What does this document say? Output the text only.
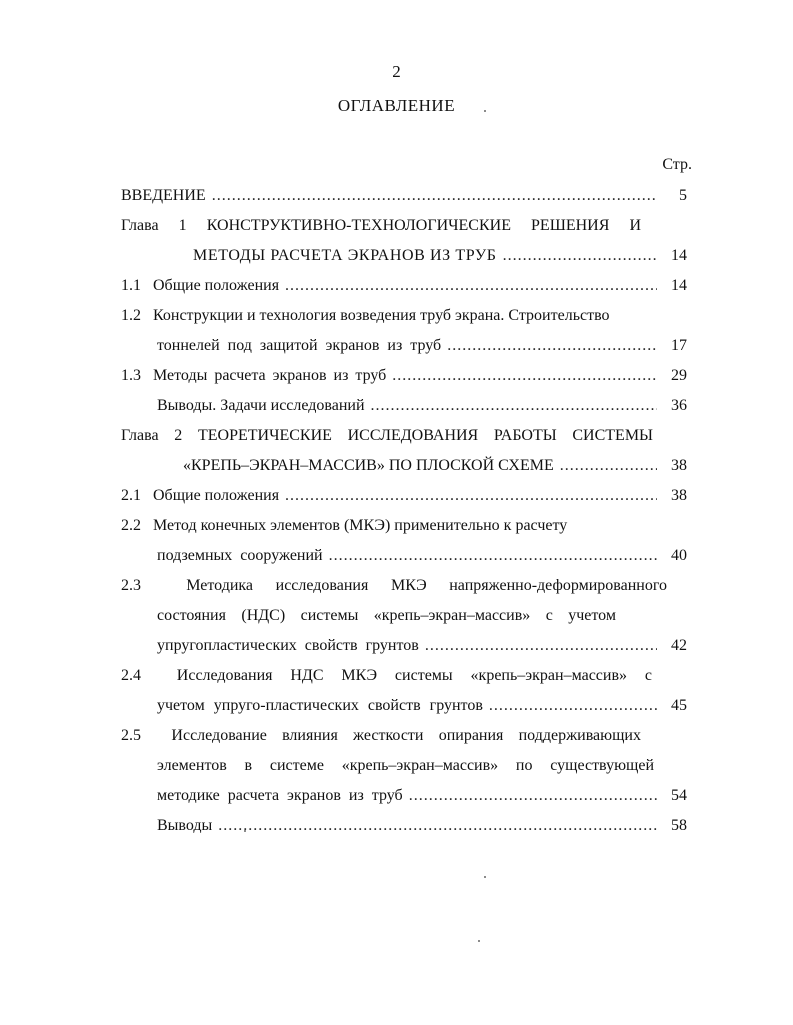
2
ОГЛАВЛЕНИЕ
Стр.
ВВЕДЕНИЕ .....	5
Глава 1 КОНСТРУКТИВНО-ТЕХНОЛОГИЧЕСКИЕ РЕШЕНИЯ И
МЕТОДЫ РАСЧЕТА ЭКРАНОВ ИЗ ТРУБ .....	14
1.1 Общие положения .....	14
1.2 Конструкции и технология возведения труб экрана. Строительство
тоннелей под защитой экранов из труб .....	17
1.3 Методы расчета экранов из труб .....	29
Выводы. Задачи исследований .....	36
Глава 2 ТЕОРЕТИЧЕСКИЕ ИССЛЕДОВАНИЯ РАБОТЫ СИСТЕМЫ
«КРЕПЬ–ЭКРАН–МАССИВ» ПО ПЛОСКОЙ СХЕМЕ .....	38
2.1 Общие положения .....	38
2.2 Метод конечных элементов (МКЭ) применительно к расчету
подземных сооружений .....	40
2.3	Методика исследования МКЭ напряженно-деформированного
состояния (НДС) системы «крепь–экран–массив» с учетом
упругопластических свойств грунтов .....	42
2.4 Исследования НДС МКЭ системы «крепь–экран–массив» с
учетом упруго-пластических свойств грунтов .....	45
2.5 Исследование влияния жесткости опирания поддерживающих
элементов в системе «крепь–экран–массив» по существующей
методике расчета экранов из труб .....	54
Выводы .....	58
